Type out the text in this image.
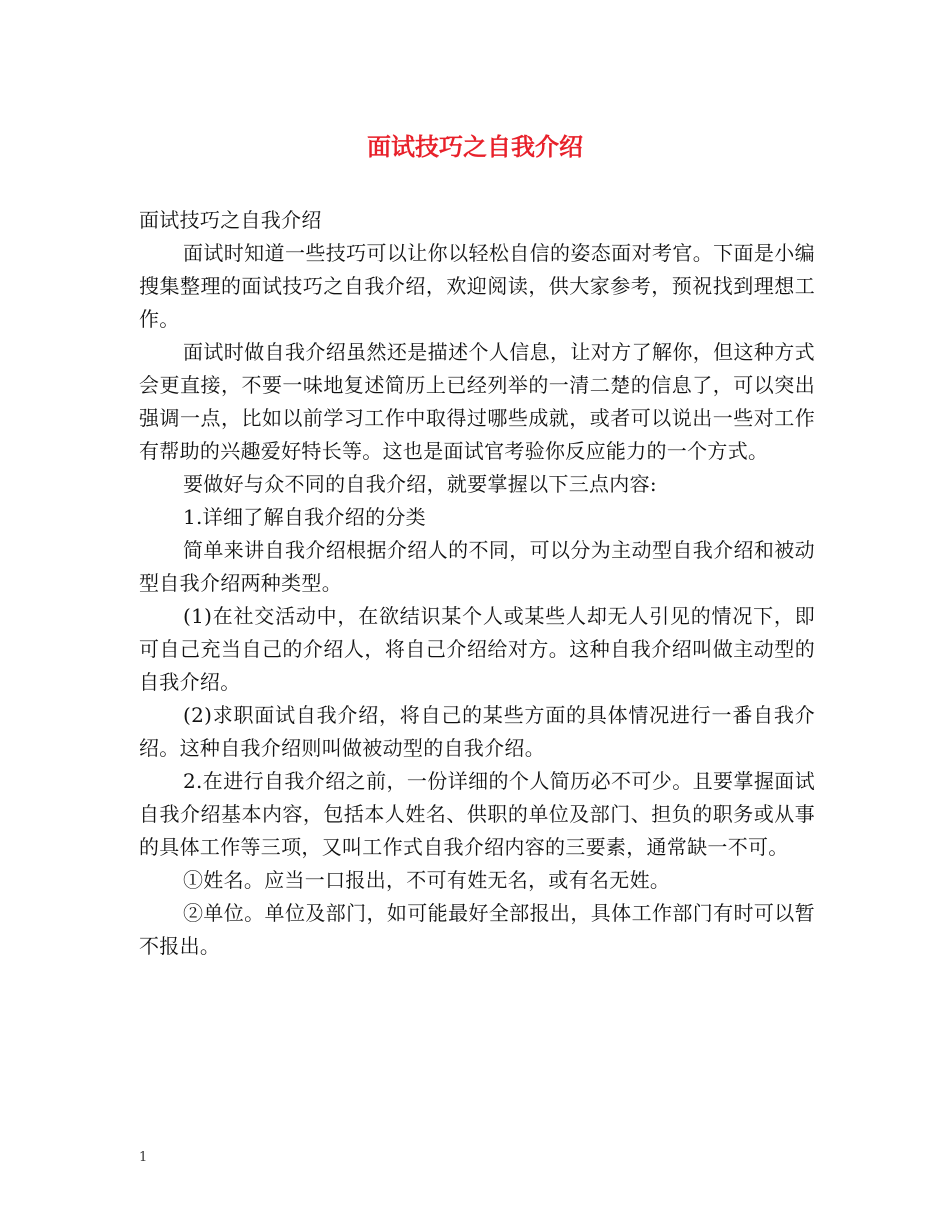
面试技巧之自我介绍

面试技巧之自我介绍

面试时知道一些技巧可以让你以轻松自信的姿态面对考官。下面是小编搜集整理的面试技巧之自我介绍，欢迎阅读，供大家参考，预祝找到理想工作。

面试时做自我介绍虽然还是描述个人信息，让对方了解你，但这种方式会更直接，不要一味地复述简历上已经列举的一清二楚的信息了，可以突出强调一点，比如以前学习工作中取得过哪些成就，或者可以说出一些对工作有帮助的兴趣爱好特长等。这也是面试官考验你反应能力的一个方式。

要做好与众不同的自我介绍，就要掌握以下三点内容:

1.详细了解自我介绍的分类

简单来讲自我介绍根据介绍人的不同，可以分为主动型自我介绍和被动型自我介绍两种类型。

(1)在社交活动中，在欲结识某个人或某些人却无人引见的情况下，即可自己充当自己的介绍人，将自己介绍给对方。这种自我介绍叫做主动型的自我介绍。

(2)求职面试自我介绍，将自己的某些方面的具体情况进行一番自我介绍。这种自我介绍则叫做被动型的自我介绍。

2.在进行自我介绍之前，一份详细的个人简历必不可少。且要掌握面试自我介绍基本内容，包括本人姓名、供职的单位及部门、担负的职务或从事的具体工作等三项，又叫工作式自我介绍内容的三要素，通常缺一不可。

①姓名。应当一口报出，不可有姓无名，或有名无姓。

②单位。单位及部门，如可能最好全部报出，具体工作部门有时可以暂不报出。

1
